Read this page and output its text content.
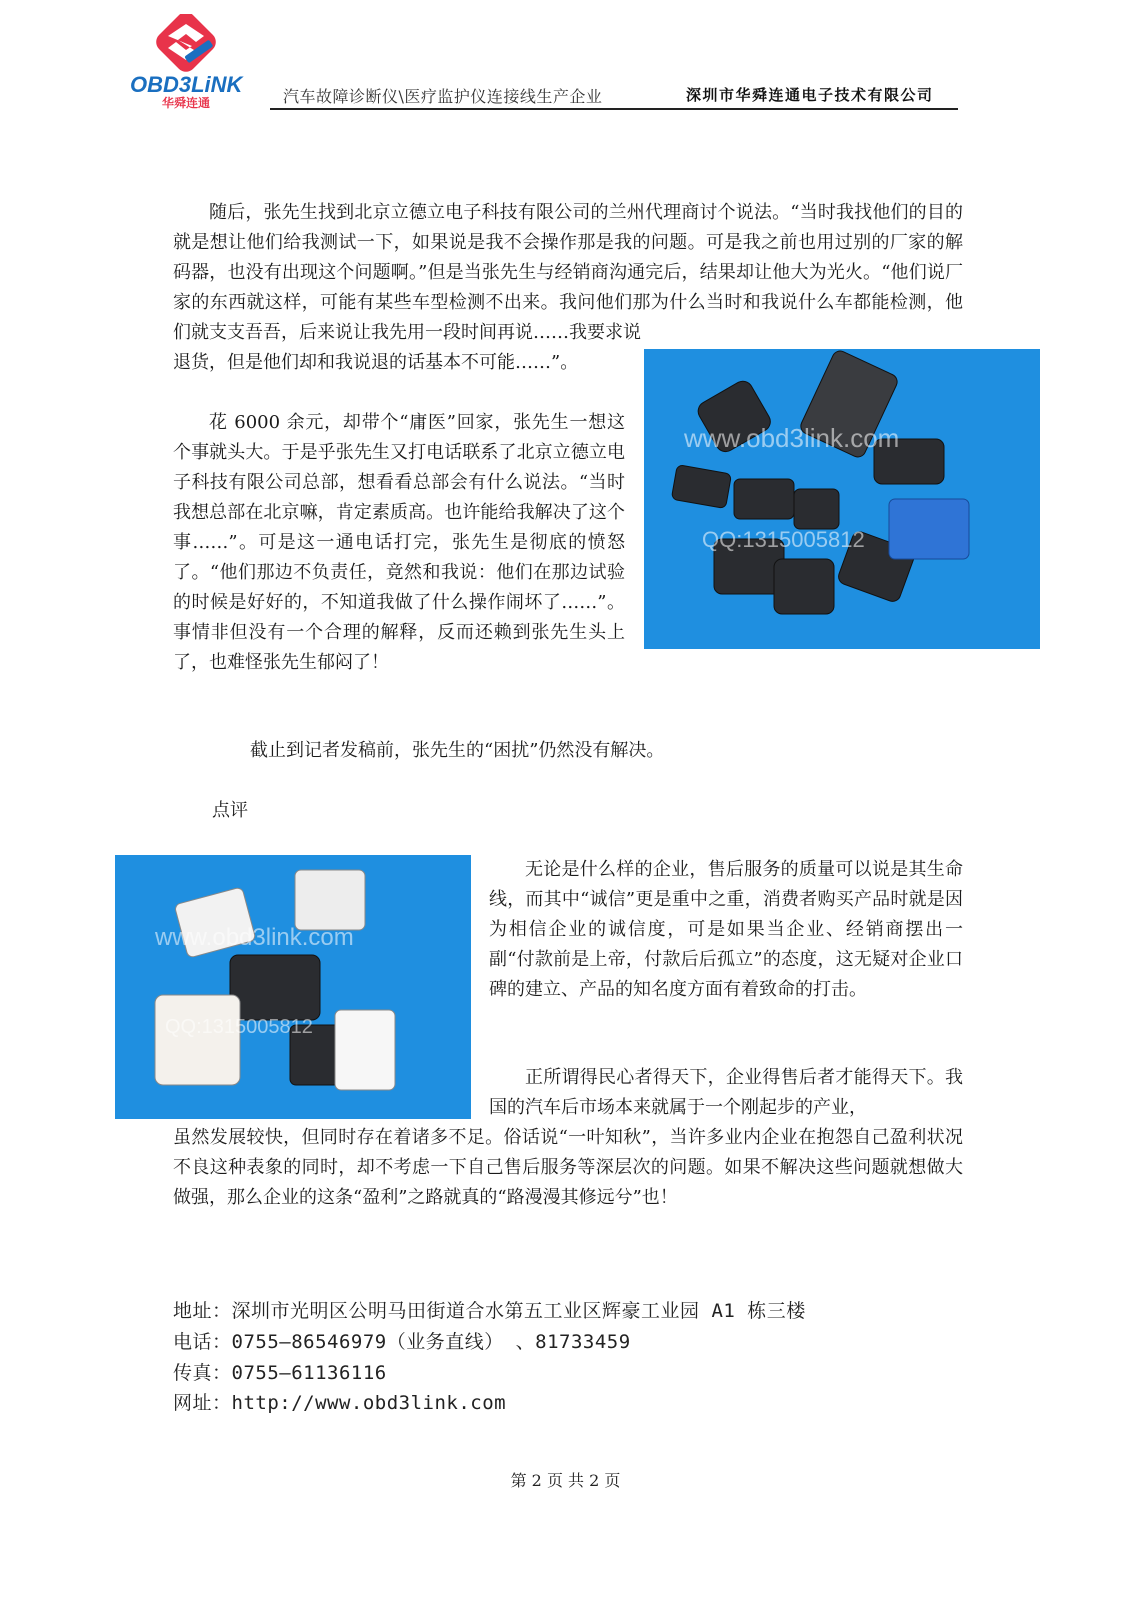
OBD3LiNK
华舜连通	汽车故障诊断仪\医疗监护仪连接线生产企业	深圳市华舜连通电子技术有限公司

随后，张先生找到北京立德立电子科技有限公司的兰州代理商讨个说法。“当时我找他们的目的就是想让他们给我测试一下，如果说是我不会操作那是我的问题。可是我之前也用过别的厂家的解码器，也没有出现这个问题啊。”但是当张先生与经销商沟通完后，结果却让他大为光火。“他们说厂家的东西就这样，可能有某些车型检测不出来。我问他们那为什么当时和我说什么车都能检测，他们就支支吾吾，后来说让我先用一段时间再说……我要求说

退货，但是他们却和我说退的话基本不可能……”。

www.obd3link.com
QQ:1315005812

花 6000 余元，却带个“庸医”回家，张先生一想这个事就头大。于是乎张先生又打电话联系了北京立德立电子科技有限公司总部，想看看总部会有什么说法。“当时我想总部在北京嘛，肯定素质高。也许能给我解决了这个事……”。可是这一通电话打完，张先生是彻底的愤怒了。“他们那边不负责任，竟然和我说：他们在那边试验的时候是好好的，不知道我做了什么操作闹坏了……”。事情非但没有一个合理的解释，反而还赖到张先生头上了，也难怪张先生郁闷了！

截止到记者发稿前，张先生的“困扰”仍然没有解决。

点评

www.obd3link.com
QQ:1315005812

无论是什么样的企业，售后服务的质量可以说是其生命线，而其中“诚信”更是重中之重，消费者购买产品时就是因为相信企业的诚信度，可是如果当企业、经销商摆出一副“付款前是上帝，付款后后孤立”的态度，这无疑对企业口碑的建立、产品的知名度方面有着致命的打击。

正所谓得民心者得天下，企业得售后者才能得天下。我国的汽车后市场本来就属于一个刚起步的产业，

虽然发展较快，但同时存在着诸多不足。俗话说“一叶知秋”，当许多业内企业在抱怨自己盈利状况不良这种表象的同时，却不考虑一下自己售后服务等深层次的问题。如果不解决这些问题就想做大做强，那么企业的这条“盈利”之路就真的“路漫漫其修远兮”也！

地址：深圳市光明区公明马田街道合水第五工业区辉豪工业园 A1 栋三楼
电话：0755—86546979（业务直线） 、81733459
传真：0755—61136116
网址：http://www.obd3link.com
第 2 页 共 2 页
